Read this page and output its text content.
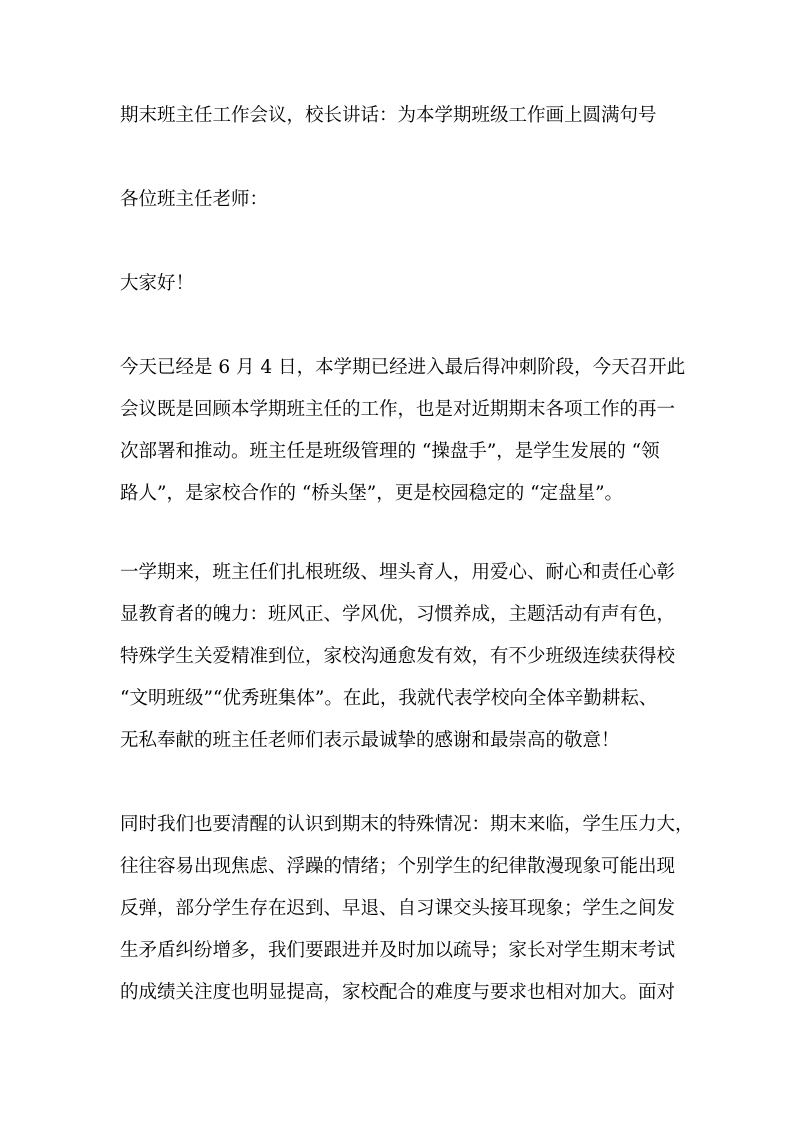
期末班主任工作会议，校长讲话：为本学期班级工作画上圆满句号

各位班主任老师：

大家好！

今天已经是 6 月 4 日，本学期已经进入最后得冲刺阶段，今天召开此

会议既是回顾本学期班主任的工作，也是对近期期末各项工作的再一

次部署和推动。班主任是班级管理的 “操盘手”，是学生发展的 “领

路人”，是家校合作的 “桥头堡”，更是校园稳定的 “定盘星”。

一学期来，班主任们扎根班级、埋头育人，用爱心、耐心和责任心彰

显教育者的魄力：班风正、学风优，习惯养成，主题活动有声有色，

特殊学生关爱精准到位，家校沟通愈发有效，有不少班级连续获得校

“文明班级”“优秀班集体”。在此，我就代表学校向全体辛勤耕耘、

无私奉献的班主任老师们表示最诚挚的感谢和最崇高的敬意！

同时我们也要清醒的认识到期末的特殊情况：期末来临，学生压力大，

往往容易出现焦虑、浮躁的情绪；个别学生的纪律散漫现象可能出现

反弹，部分学生存在迟到、早退、自习课交头接耳现象；学生之间发

生矛盾纠纷增多，我们要跟进并及时加以疏导；家长对学生期末考试

的成绩关注度也明显提高，家校配合的难度与要求也相对加大。面对
